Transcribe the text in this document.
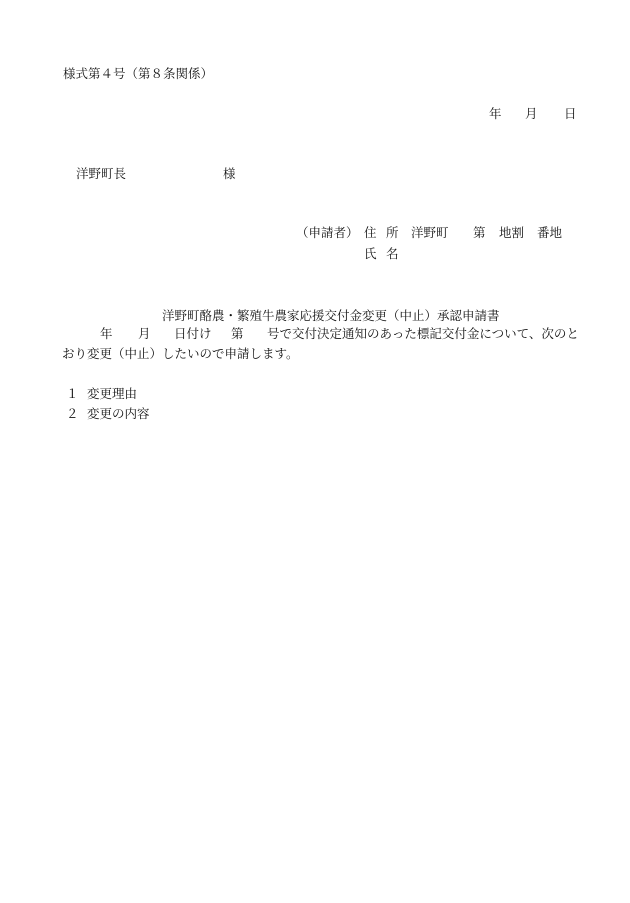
様式第４号（第８条関係）
年 月 日
洋野町長	様
（申請者） 住 所 洋野町 第 地割 番地
氏 名
洋野町酪農・繁殖牛農家応援交付金変更（中止）承認申請書
年 月 日付け 第 号で交付決定通知のあった標記交付金について、次のと
おり変更（中止）したいので申請します。
１ 変更理由
２ 変更の内容
